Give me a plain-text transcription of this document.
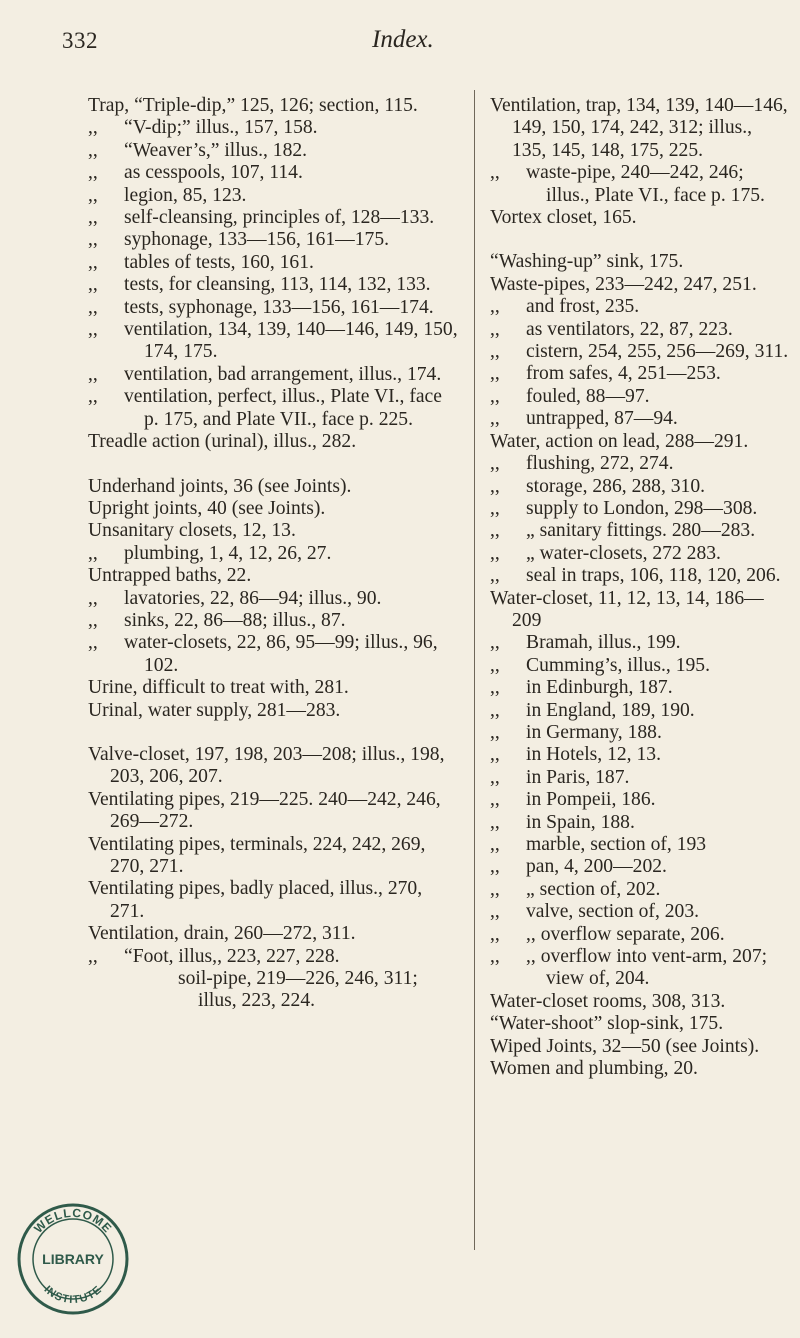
332	Index.

Trap, “Triple-dip,” 125, 126; section, 115.

,, “V-dip;” illus., 157, 158.

,, “Weaver’s,” illus., 182.

,, as cesspools, 107, 114.

,, legion, 85, 123.

,, self-cleansing, principles of, 128—133.

,, syphonage, 133—156, 161—175.

,, tables of tests, 160, 161.

,, tests, for cleansing, 113, 114, 132, 133.

,, tests, syphonage, 133—156, 161—174.

,, ventilation, 134, 139, 140—146, 149, 150, 174, 175.

,, ventilation, bad arrangement, illus., 174.

,, ventilation, perfect, illus., Plate VI., face p. 175, and Plate VII., face p. 225.

Treadle action (urinal), illus., 282.

Underhand joints, 36 (see Joints).

Upright joints, 40 (see Joints).

Unsanitary closets, 12, 13.

,, plumbing, 1, 4, 12, 26, 27.

Untrapped baths, 22.

,, lavatories, 22, 86—94; illus., 90.

,, sinks, 22, 86—88; illus., 87.

,, water-closets, 22, 86, 95—99; illus., 96, 102.

Urine, difficult to treat with, 281.

Urinal, water supply, 281—283.

Valve-closet, 197, 198, 203—208; illus., 198, 203, 206, 207.

Ventilating pipes, 219—225. 240—242, 246, 269—272.

Ventilating pipes, terminals, 224, 242, 269, 270, 271.

Ventilating pipes, badly placed, illus., 270, 271.

Ventilation, drain, 260—272, 311.

,, “Foot, illus,, 223, 227, 228.

soil-pipe, 219—226, 246, 311; illus, 223, 224.

Ventilation, trap, 134, 139, 140—146, 149, 150, 174, 242, 312; illus., 135, 145, 148, 175, 225.

,, waste-pipe, 240—242, 246; illus., Plate VI., face p. 175.

Vortex closet, 165.

“Washing-up” sink, 175.

Waste-pipes, 233—242, 247, 251.

,, and frost, 235.

,, as ventilators, 22, 87, 223.

,, cistern, 254, 255, 256—269, 311.

,, from safes, 4, 251—253.

,, fouled, 88—97.

,, untrapped, 87—94.

Water, action on lead, 288—291.

,, flushing, 272, 274.

,, storage, 286, 288, 310.

,, supply to London, 298—308.

,, „ sanitary fittings. 280—283.

,, „ water-closets, 272 283.

,, seal in traps, 106, 118, 120, 206.

Water-closet, 11, 12, 13, 14, 186—209

,, Bramah, illus., 199.

,, Cumming’s, illus., 195.

,, in Edinburgh, 187.

,, in England, 189, 190.

,, in Germany, 188.

,, in Hotels, 12, 13.

,, in Paris, 187.

,, in Pompeii, 186.

,, in Spain, 188.

,, marble, section of, 193

,, pan, 4, 200—202.

,, „ section of, 202.

,, valve, section of, 203.

,, ,, overflow separate, 206.

,, ,, overflow into vent-arm, 207; view of, 204.

Water-closet rooms, 308, 313.

“Water-shoot” slop-sink, 175.

Wiped Joints, 32—50 (see Joints).

Women and plumbing, 20.

WELLCOME
LIBRARY
INSTITUTE
